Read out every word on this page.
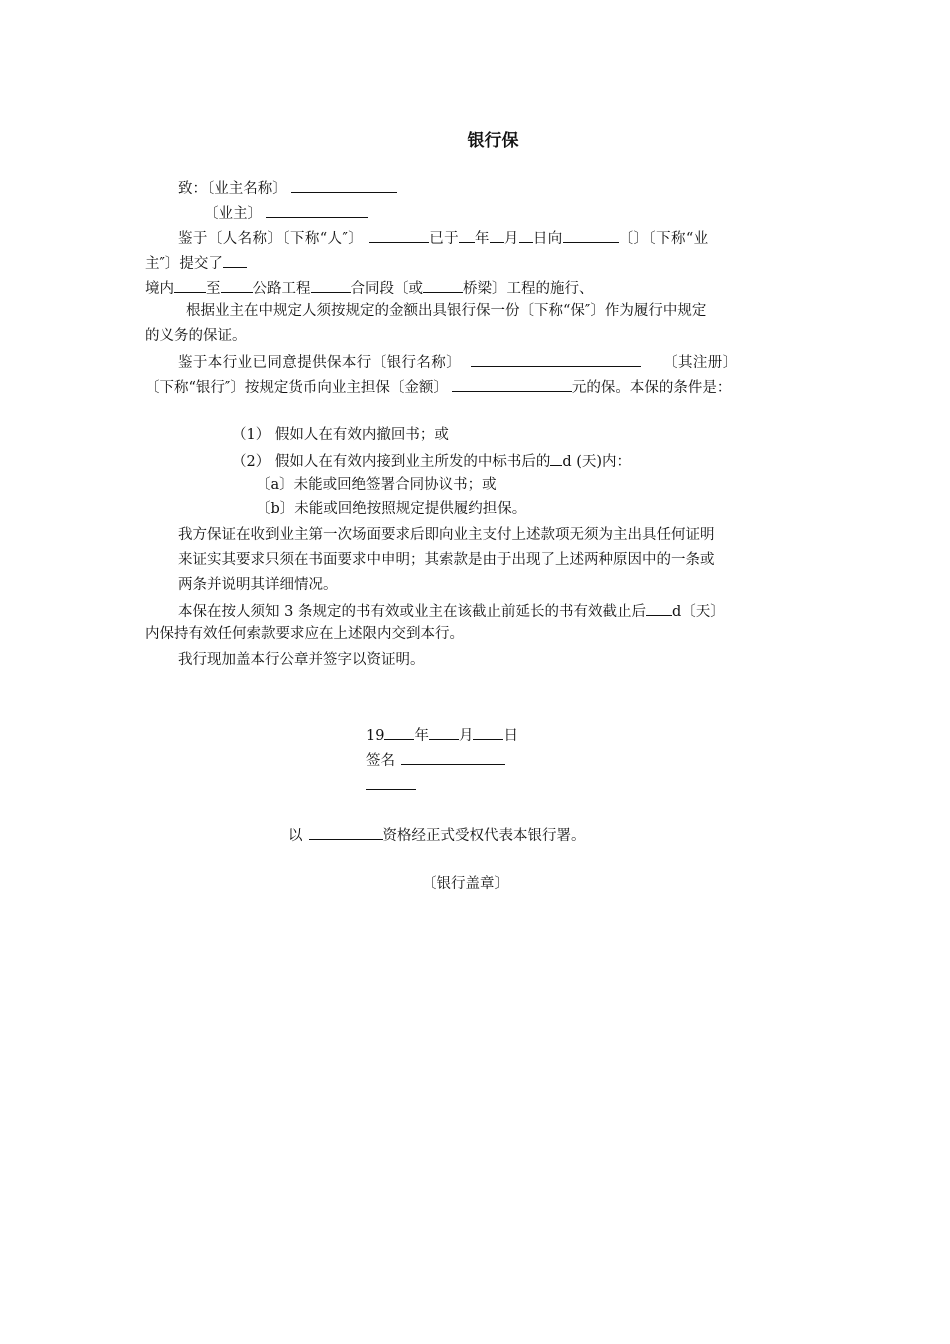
银行保
致：〔业主名称〕
〔业主〕
鉴于〔人名称〕〔下称“人″〕	已于 年 月 日向	〔〕〔下称“业
主″〕提交了
境内 至 公路工程	合同段〔或	桥梁〕工程的施行、
根据业主在中规定人须按规定的金额出具银行保一份〔下称“保″〕作为履行中规定
的义务的保证。
鉴于本行业已同意提供保本行〔银行名称〕	〔其注册〕
〔下称“银行″〕按规定货币向业主担保〔金额〕	元的保。本保的条件是：
（1） 假如人在有效内撤回书；或
（2） 假如人在有效内接到业主所发的中标书后的 d (天)内：
〔a〕未能或回绝签署合同协议书；或
〔b〕未能或回绝按照规定提供履约担保。
我方保证在收到业主第一次场面要求后即向业主支付上述款项无须为主出具任何证明
来证实其要求只须在书面要求中申明；其索款是由于出现了上述两种原因中的一条或
两条并说明其详细情况。
本保在按人须知 3 条规定的书有效或业主在该截止前延长的书有效截止后 d〔天〕
内保持有效任何索款要求应在上述限内交到本行。
我行现加盖本行公章并签字以资证明。
19 年 月 日
签名
以	资格经正式受权代表本银行署。
〔银行盖章〕
